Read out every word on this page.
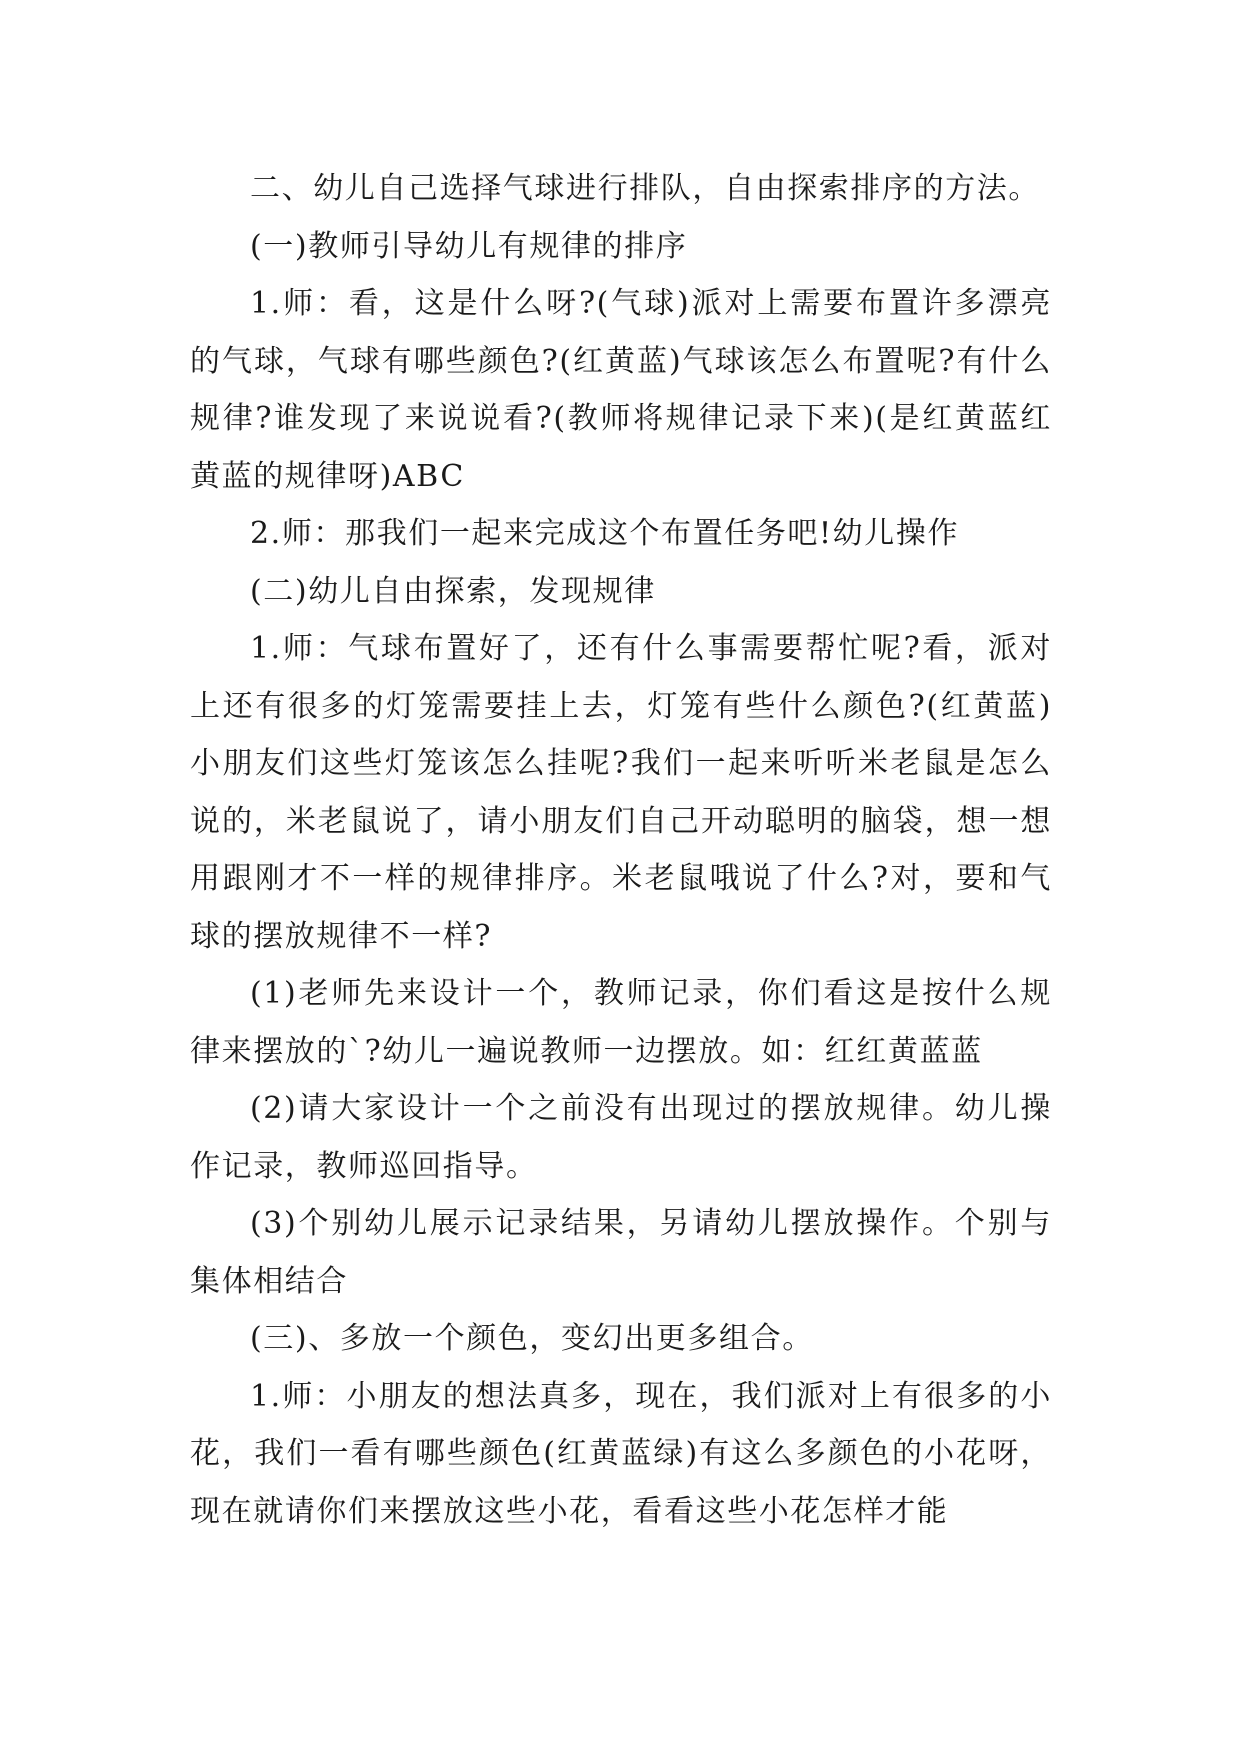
二、幼儿自己选择气球进行排队，自由探索排序的方法。

(一)教师引导幼儿有规律的排序

1.师：看，这是什么呀?(气球)派对上需要布置许多漂亮的气球，气球有哪些颜色?(红黄蓝)气球该怎么布置呢?有什么规律?谁发现了来说说看?(教师将规律记录下来)(是红黄蓝红黄蓝的规律呀)ABC

2.师：那我们一起来完成这个布置任务吧!幼儿操作

(二)幼儿自由探索，发现规律

1.师：气球布置好了，还有什么事需要帮忙呢?看，派对上还有很多的灯笼需要挂上去，灯笼有些什么颜色?(红黄蓝)小朋友们这些灯笼该怎么挂呢?我们一起来听听米老鼠是怎么说的，米老鼠说了，请小朋友们自己开动聪明的脑袋，想一想用跟刚才不一样的规律排序。米老鼠哦说了什么?对，要和气球的摆放规律不一样?

(1)老师先来设计一个，教师记录，你们看这是按什么规律来摆放的`?幼儿一遍说教师一边摆放。如：红红黄蓝蓝

(2)请大家设计一个之前没有出现过的摆放规律。幼儿操作记录，教师巡回指导。

(3)个别幼儿展示记录结果，另请幼儿摆放操作。个别与集体相结合

(三)、多放一个颜色，变幻出更多组合。

1.师：小朋友的想法真多，现在，我们派对上有很多的小花，我们一看有哪些颜色(红黄蓝绿)有这么多颜色的小花呀，现在就请你们来摆放这些小花，看看这些小花怎样才能
